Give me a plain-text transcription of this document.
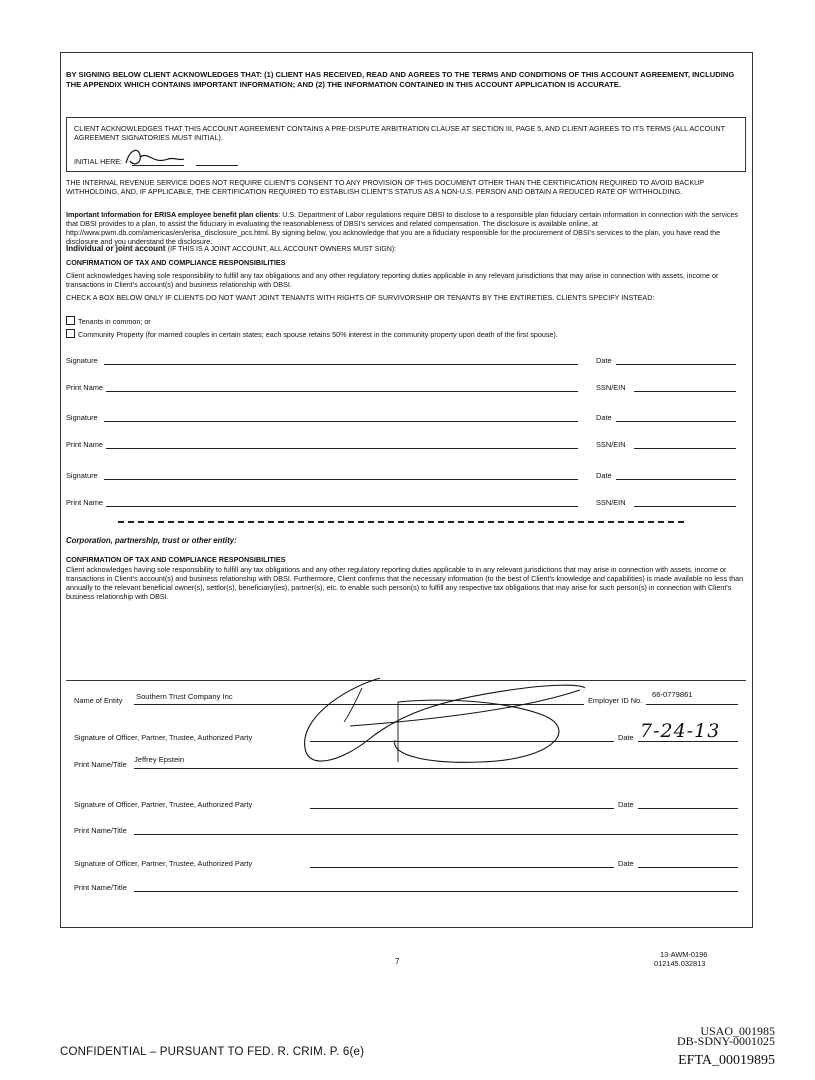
BY SIGNING BELOW CLIENT ACKNOWLEDGES THAT: (1) CLIENT HAS RECEIVED, READ AND AGREES TO THE TERMS AND CONDITIONS OF THIS ACCOUNT AGREEMENT, INCLUDING THE APPENDIX WHICH CONTAINS IMPORTANT INFORMATION; AND (2) THE INFORMATION CONTAINED IN THIS ACCOUNT APPLICATION IS ACCURATE.
CLIENT ACKNOWLEDGES THAT THIS ACCOUNT AGREEMENT CONTAINS A PRE-DISPUTE ARBITRATION CLAUSE AT SECTION III, PAGE 5, AND CLIENT AGREES TO ITS TERMS (ALL ACCOUNT AGREEMENT SIGNATORIES MUST INITIAL).
INITIAL HERE:
THE INTERNAL REVENUE SERVICE DOES NOT REQUIRE CLIENT'S CONSENT TO ANY PROVISION OF THIS DOCUMENT OTHER THAN THE CERTIFICATION REQUIRED TO AVOID BACKUP WITHHOLDING, AND, IF APPLICABLE, THE CERTIFICATION REQUIRED TO ESTABLISH CLIENT'S STATUS AS A NON-U.S. PERSON AND OBTAIN A REDUCED RATE OF WITHHOLDING.
Important Information for ERISA employee benefit plan clients: U.S. Department of Labor regulations require DBSI to disclose to a responsible plan fiduciary certain information in connection with the services that DBSI provides to a plan, to assist the fiduciary in evaluating the reasonableness of DBSI's services and related compensation. The disclosure is available online, at http://www.pwm.db.com/americas/en/erisa_disclosure_pcs.html. By signing below, you acknowledge that you are a fiduciary responsible for the procurement of DBSI's services to the plan, you have read the disclosure and you understand the disclosure.
Individual or joint account (IF THIS IS A JOINT ACCOUNT, ALL ACCOUNT OWNERS MUST SIGN):
CONFIRMATION OF TAX AND COMPLIANCE RESPONSIBILITIES
Client acknowledges having sole responsibility to fulfill any tax obligations and any other regulatory reporting duties applicable in any relevant jurisdictions that may arise in connection with assets, income or transactions in Client's account(s) and business relationship with DBSI.
CHECK A BOX BELOW ONLY IF CLIENTS DO NOT WANT JOINT TENANTS WITH RIGHTS OF SURVIVORSHIP OR TENANTS BY THE ENTIRETIES. CLIENTS SPECIFY INSTEAD:
Tenants in common; or
Community Property (for married couples in certain states; each spouse retains 50% interest in the community property upon death of the first spouse).
Signature	Date
Print Name	SSN/EIN
Signature	Date
Print Name	SSN/EIN
Signature	Date
Print Name	SSN/EIN
Corporation, partnership, trust or other entity:
CONFIRMATION OF TAX AND COMPLIANCE RESPONSIBILITIES
Client acknowledges having sole responsibility to fulfill any tax obligations and any other regulatory reporting duties applicable to in any relevant jurisdictions that may arise in connection with assets, income or transactions in Client's account(s) and business relationship with DBSI. Furthermore, Client confirms that the necessary information (to the best of Client's knowledge and capabilities) is made available no less than annually to the relevant beneficial owner(s), settlor(s), beneficiary(ies), partner(s), etc. to enable such person(s) to fulfill any respective tax obligations that may arise for such person(s) in connection with Client's business relationship with DBSI.
Name of Entity Southern Trust Company Inc	Employer ID No.
66-0779861
Signature of Officer, Partner, Trustee, Authorized Party	Date 7-24-13
Print Name/Title
Jeffrey Epstein
Signature of Officer, Partner, Trustee, Authorized Party	Date
Print Name/Title
Signature of Officer, Partner, Trustee, Authorized Party	Date
Print Name/Title
7
13-AWM-0196
012145.032813
CONFIDENTIAL – PURSUANT TO FED. R. CRIM. P. 6(e)
USAO_001985
DB-SDNY-0001025
EFTA_00019895
